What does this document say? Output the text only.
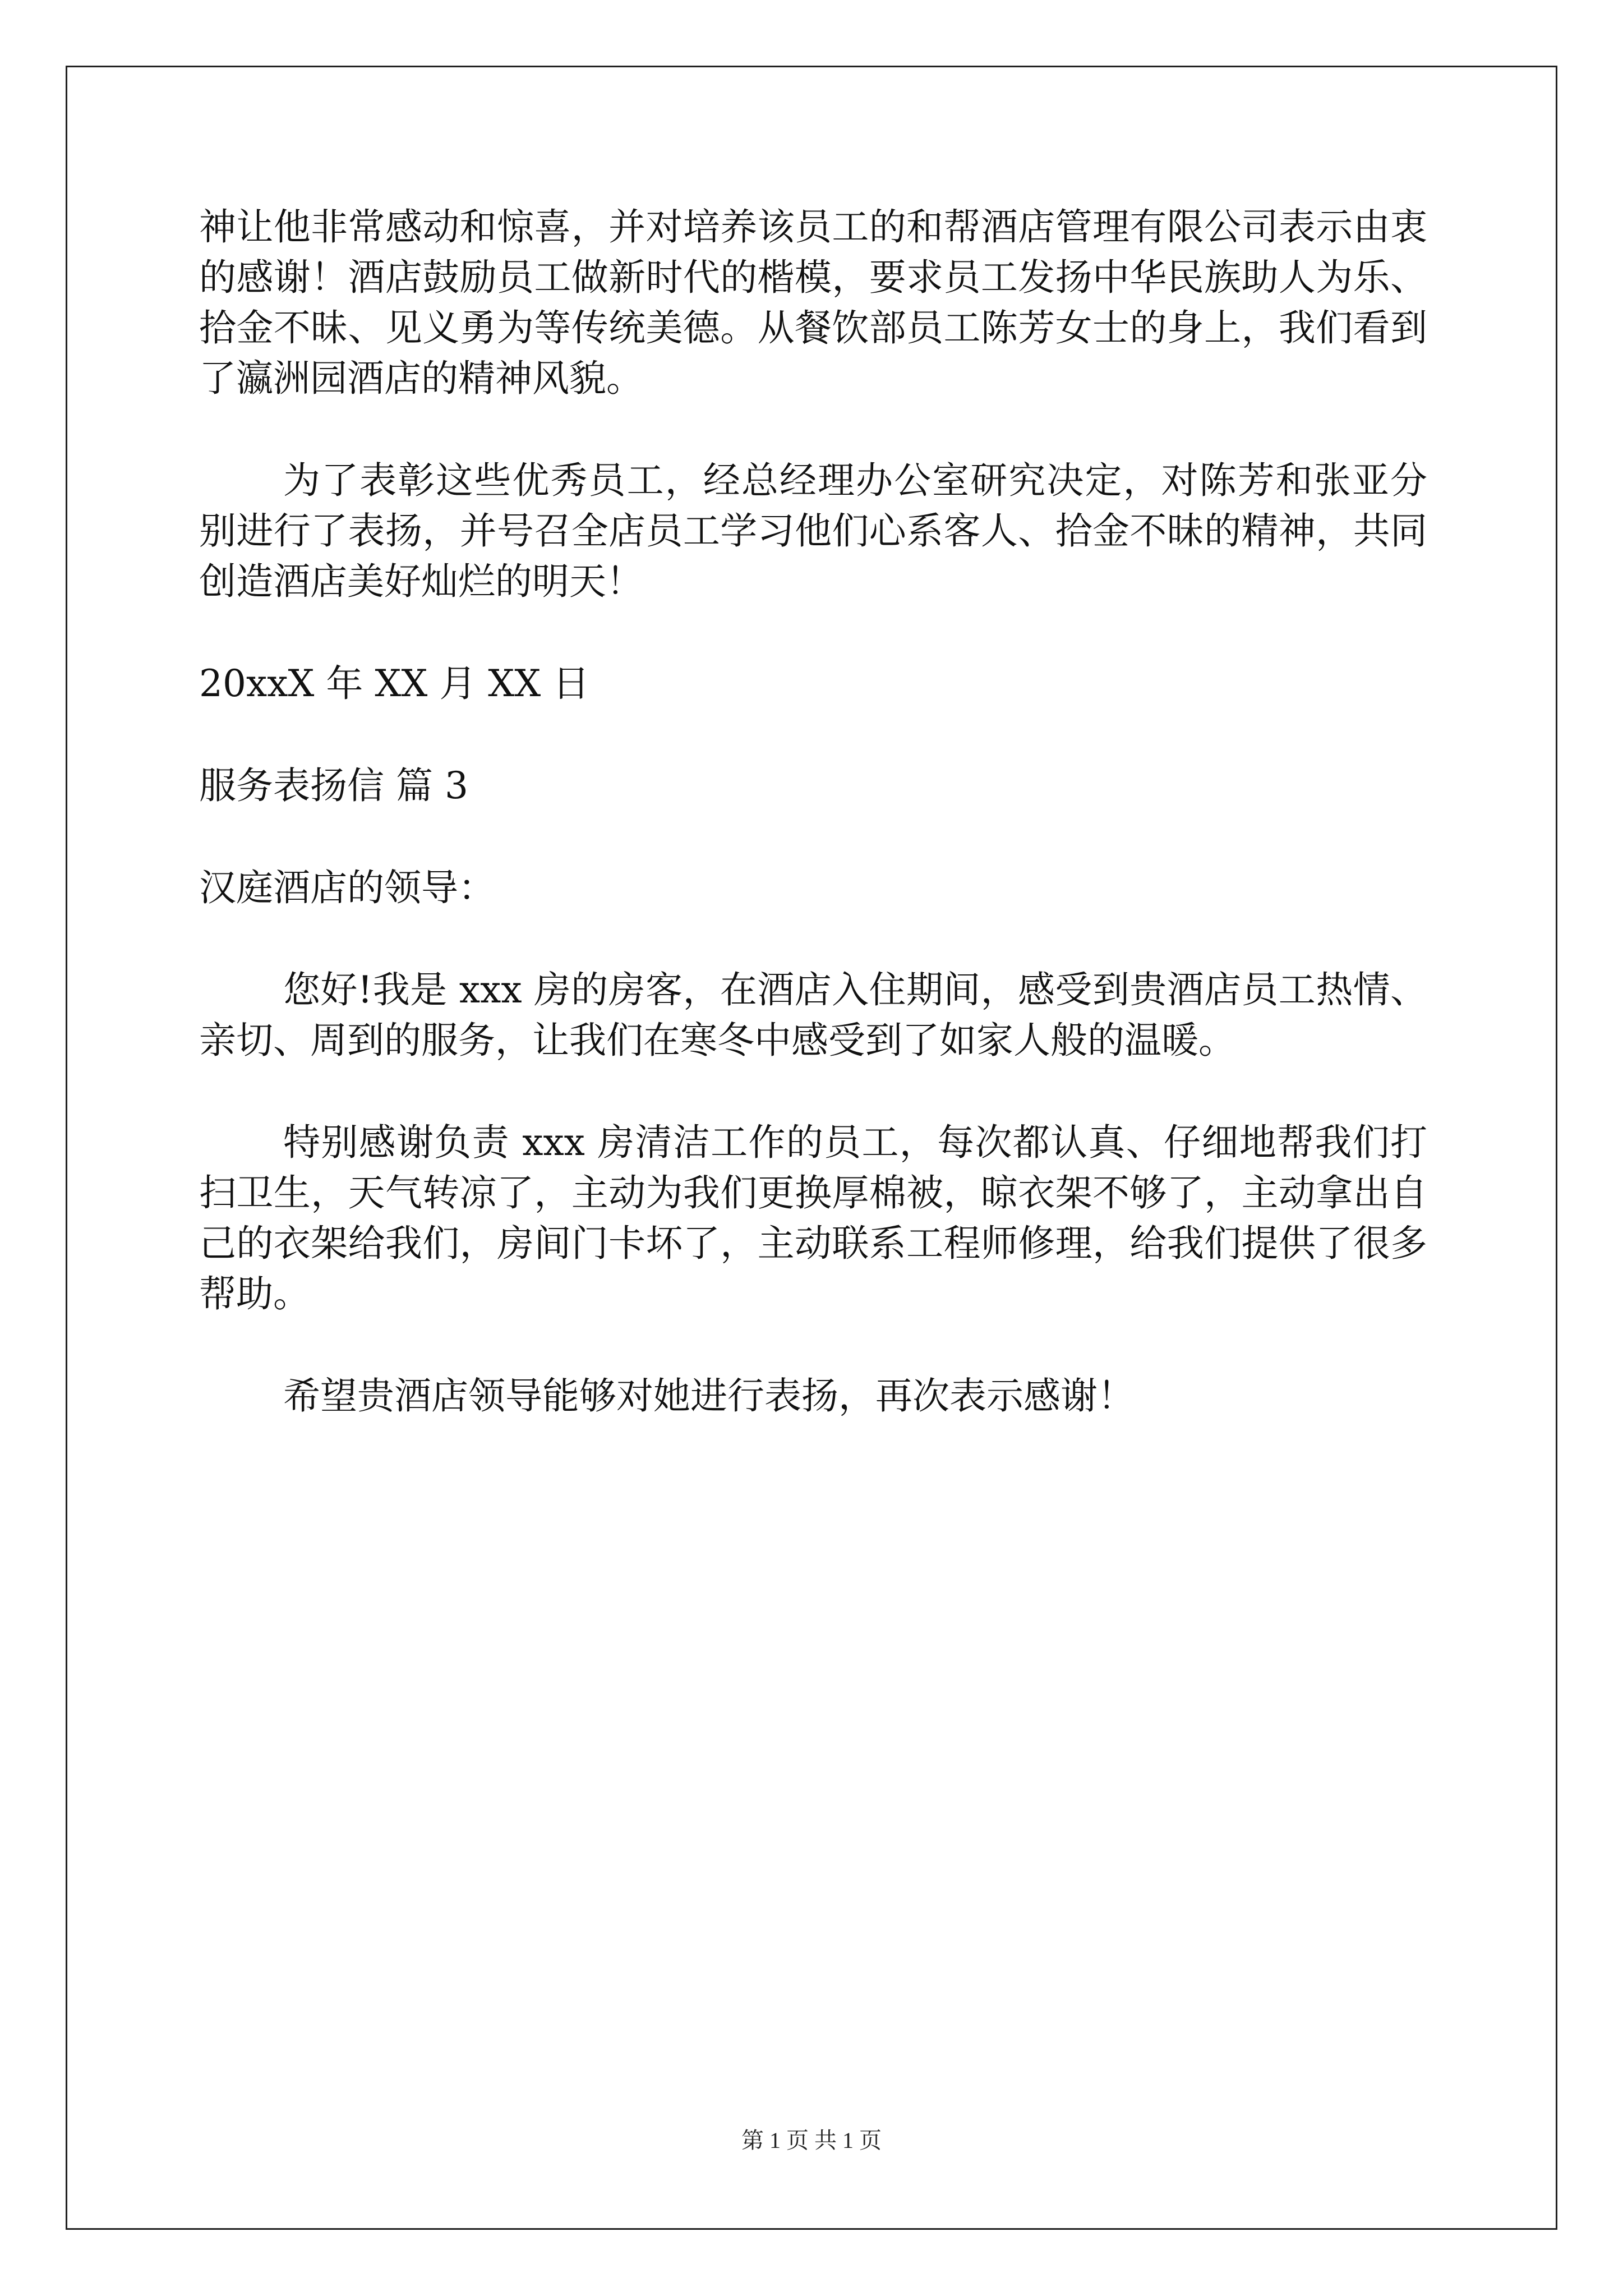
神让他非常感动和惊喜，并对培养该员工的和帮酒店管理有限公司表示由衷的感谢！酒店鼓励员工做新时代的楷模，要求员工发扬中华民族助人为乐、拾金不昧、见义勇为等传统美德。从餐饮部员工陈芳女士的身上，我们看到了瀛洲园酒店的精神风貌。

为了表彰这些优秀员工，经总经理办公室研究决定，对陈芳和张亚分别进行了表扬，并号召全店员工学习他们心系客人、拾金不昧的精神，共同创造酒店美好灿烂的明天！

20xxX 年 XX 月 XX 日

服务表扬信 篇 3

汉庭酒店的领导：

您好!我是 xxx 房的房客，在酒店入住期间，感受到贵酒店员工热情、亲切、周到的服务，让我们在寒冬中感受到了如家人般的温暖。

特别感谢负责 xxx 房清洁工作的员工，每次都认真、仔细地帮我们打扫卫生，天气转凉了，主动为我们更换厚棉被，晾衣架不够了，主动拿出自己的衣架给我们，房间门卡坏了，主动联系工程师修理，给我们提供了很多帮助。

希望贵酒店领导能够对她进行表扬，再次表示感谢！

第 1 页 共 1 页
